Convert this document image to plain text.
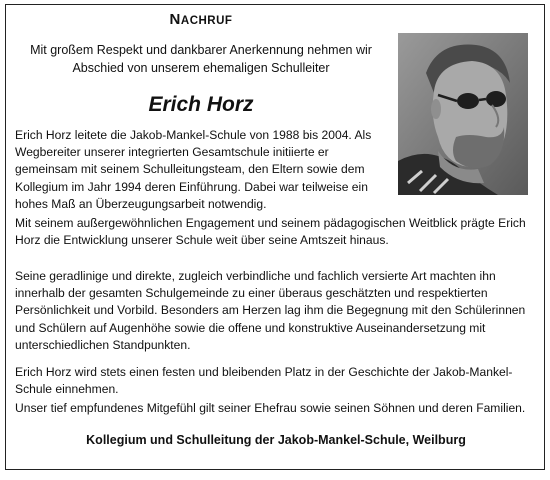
NACHRUF
Mit großem Respekt und dankbarer Anerkennung nehmen wir
Abschied von unserem ehemaligen Schulleiter
Erich Horz

Erich Horz leitete die Jakob-Mankel-Schule von 1988 bis 2004. Als Wegbereiter unserer integrierten Gesamtschule initiierte er gemeinsam mit seinem Schulleitungsteam, den Eltern sowie dem Kollegium im Jahr 1994 deren Einführung. Dabei war teilweise ein hohes Maß an Überzeugungsarbeit notwendig.

Mit seinem außergewöhnlichen Engagement und seinem pädagogischen Weitblick prägte Erich Horz die Entwicklung unserer Schule weit über seine Amtszeit hinaus.

Seine geradlinige und direkte, zugleich verbindliche und fachlich versierte Art machten ihn innerhalb der gesamten Schulgemeinde zu einer überaus geschätzten und respektierten Persönlichkeit und Vorbild. Besonders am Herzen lag ihm die Begegnung mit den Schülerinnen und Schülern auf Augenhöhe sowie die offene und konstruktive Auseinandersetzung mit unterschiedlichen Standpunkten.

Erich Horz wird stets einen festen und bleibenden Platz in der Geschichte der Jakob-Mankel-Schule einnehmen.

Unser tief empfundenes Mitgefühl gilt seiner Ehefrau sowie seinen Söhnen und deren Familien.

Kollegium und Schulleitung der Jakob-Mankel-Schule, Weilburg
